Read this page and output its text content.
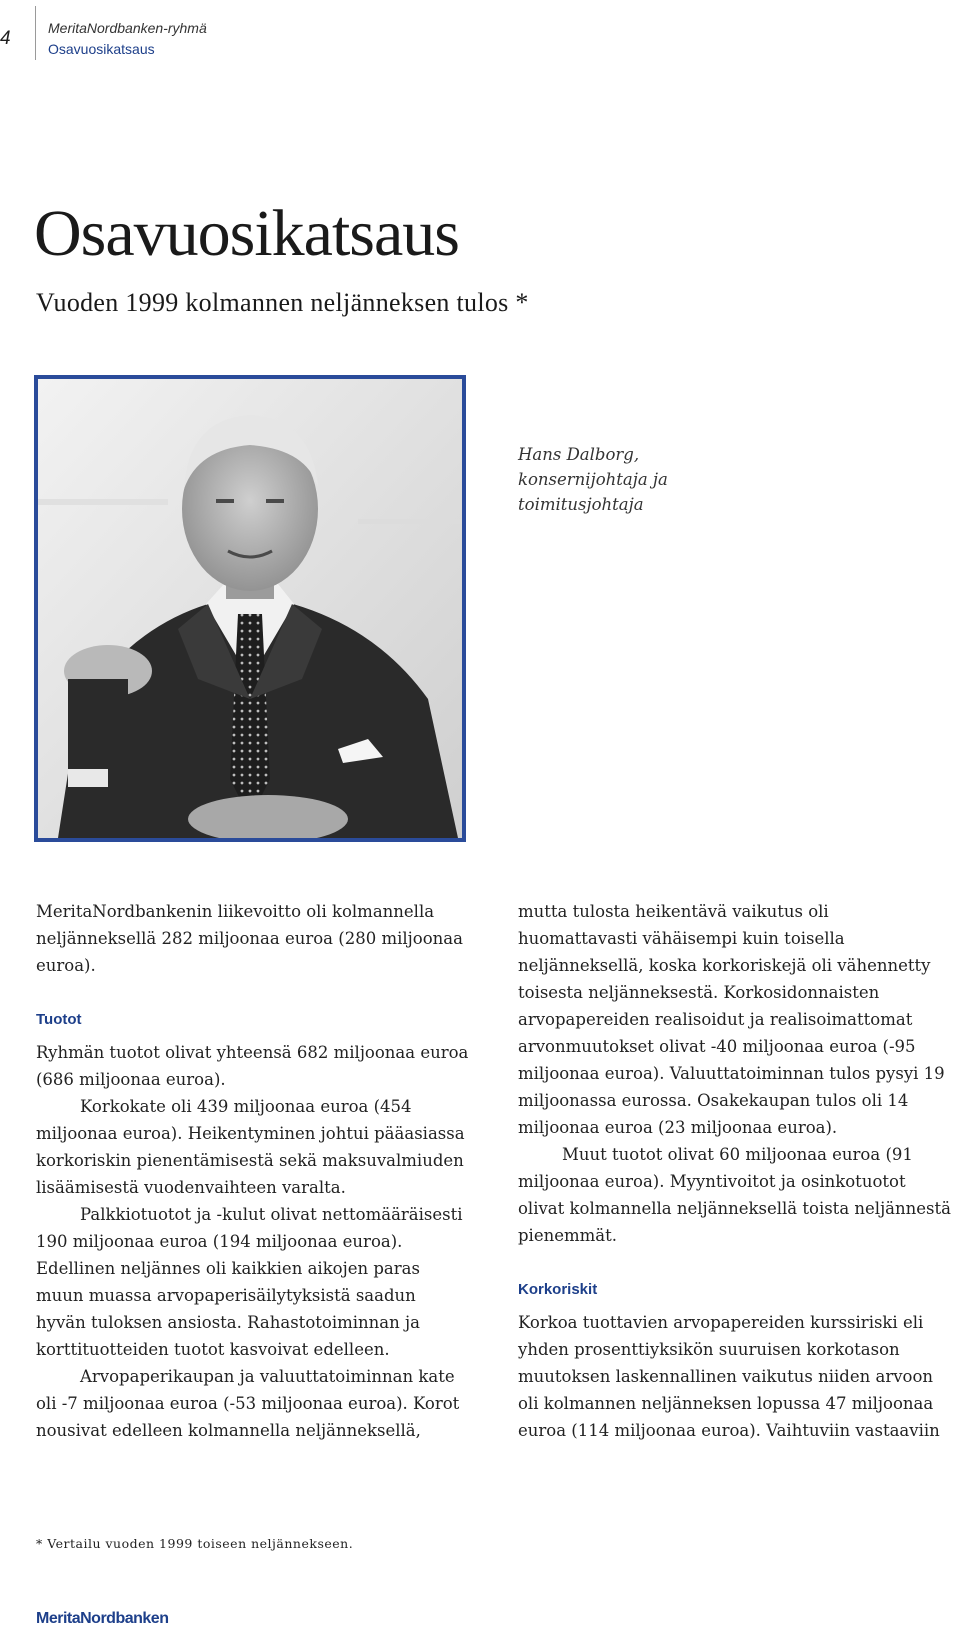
4	MeritaNordbanken-ryhmä
Osavuosikatsaus
Osavuosikatsaus
Vuoden 1999 kolmannen neljänneksen tulos *
Hans Dalborg,
konsernijohtaja ja
toimitusjohtaja

MeritaNordbankenin liikevoitto oli kolmannella neljänneksellä 282 miljoonaa euroa (280 miljoonaa euroa).

Tuotot

Ryhmän tuotot olivat yhteensä 682 miljoonaa euroa (686 miljoonaa euroa).

Korkokate oli 439 miljoonaa euroa (454 miljoonaa euroa). Heikentyminen johtui pääasiassa korkoriskin pienentämisestä sekä maksuvalmiuden lisäämisestä vuodenvaihteen varalta.

Palkkiotuotot ja -kulut olivat nettomääräisesti 190 miljoonaa euroa (194 miljoonaa euroa). Edellinen neljännes oli kaikkien aikojen paras muun muassa arvopaperisäilytyksistä saadun hyvän tuloksen ansiosta. Rahastotoiminnan ja korttituotteiden tuotot kasvoivat edelleen.

Arvopaperikaupan ja valuuttatoiminnan kate oli -7 miljoonaa euroa (-53 miljoonaa euroa). Korot nousivat edelleen kolmannella neljänneksellä,

mutta tulosta heikentävä vaikutus oli huomattavasti vähäisempi kuin toisella neljänneksellä, koska korkoriskejä oli vähennetty toisesta neljänneksestä. Korkosidonnaisten arvopapereiden realisoidut ja realisoimattomat arvonmuutokset olivat -40 miljoonaa euroa (-95 miljoonaa euroa). Valuuttatoiminnan tulos pysyi 19 miljoonassa eurossa. Osakekaupan tulos oli 14 miljoonaa euroa (23 miljoonaa euroa).

Muut tuotot olivat 60 miljoonaa euroa (91 miljoonaa euroa). Myyntivoitot ja osinkotuotot olivat kolmannella neljänneksellä toista neljännestä pienemmät.

Korkoriskit

Korkoa tuottavien arvopapereiden kurssiriski eli yhden prosenttiyksikön suuruisen korkotason muutoksen laskennallinen vaikutus niiden arvoon oli kolmannen neljänneksen lopussa 47 miljoonaa euroa (114 miljoonaa euroa). Vaihtuviin vastaaviin

* Vertailu vuoden 1999 toiseen neljännekseen.
MeritaNordbanken
